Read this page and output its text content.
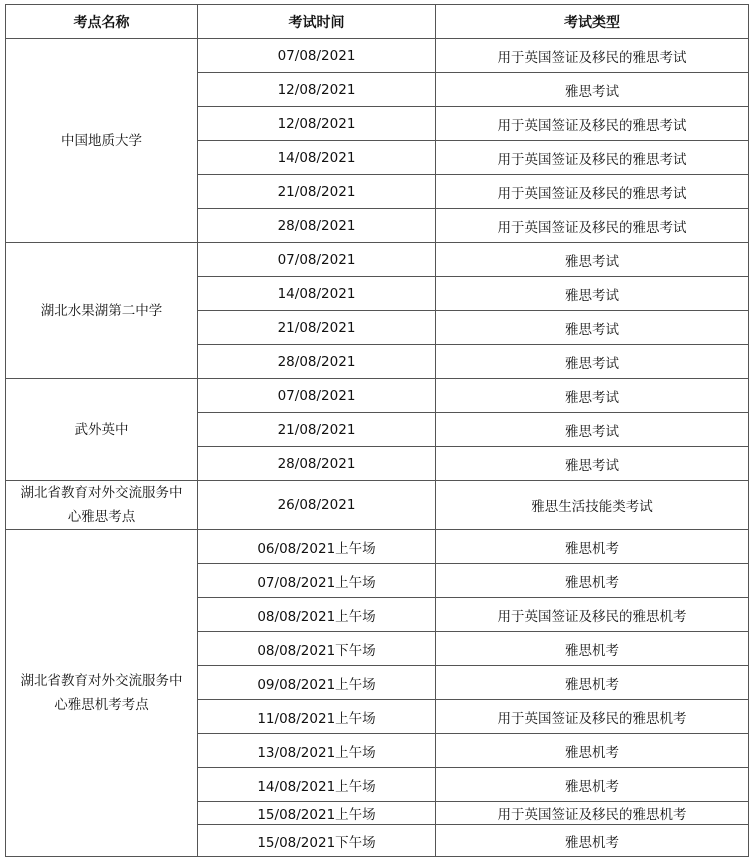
考点名称	考试时间	考试类型
中国地质大学	07/08/2021	用于英国签证及移民的雅思考试
	12/08/2021	雅思考试
	12/08/2021	用于英国签证及移民的雅思考试
	14/08/2021	用于英国签证及移民的雅思考试
	21/08/2021	用于英国签证及移民的雅思考试
	28/08/2021	用于英国签证及移民的雅思考试
湖北水果湖第二中学	07/08/2021	雅思考试
	14/08/2021	雅思考试
	21/08/2021	雅思考试
	28/08/2021	雅思考试
武外英中	07/08/2021	雅思考试
	21/08/2021	雅思考试
	28/08/2021	雅思考试
湖北省教育对外交流服务中心雅思考点	26/08/2021	雅思生活技能类考试
湖北省教育对外交流服务中心雅思机考考点	06/08/2021上午场	雅思机考
	07/08/2021上午场	雅思机考
	08/08/2021上午场	用于英国签证及移民的雅思机考
	08/08/2021下午场	雅思机考
	09/08/2021上午场	雅思机考
	11/08/2021上午场	用于英国签证及移民的雅思机考
	13/08/2021上午场	雅思机考
	14/08/2021上午场	雅思机考
	15/08/2021上午场	用于英国签证及移民的雅思机考
	15/08/2021下午场	雅思机考
